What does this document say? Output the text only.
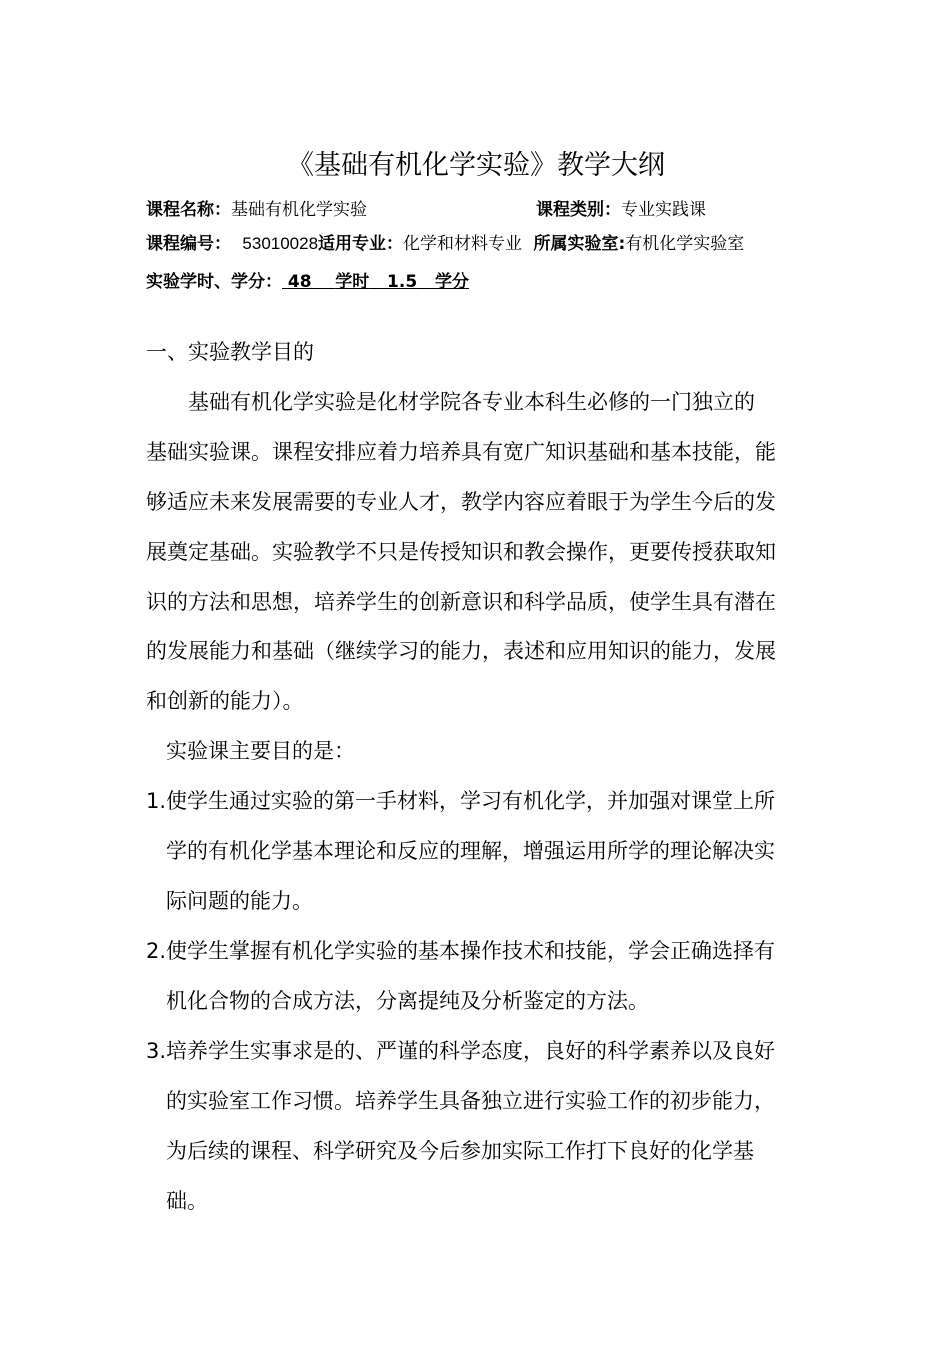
《基础有机化学实验》教学大纲
课程名称：基础有机化学实验	课程类别：专业实践课
课程编号： 53010028适用专业：化学和材料专业 所属实验室:有机化学实验室
实验学时、学分： 48 学时 1.5 学分
一、实验教学目的
基础有机化学实验是化材学院各专业本科生必修的一门独立的
基础实验课。课程安排应着力培养具有宽广知识基础和基本技能，能
够适应未来发展需要的专业人才，教学内容应着眼于为学生今后的发
展奠定基础。实验教学不只是传授知识和教会操作，更要传授获取知
识的方法和思想，培养学生的创新意识和科学品质，使学生具有潜在
的发展能力和基础（继续学习的能力，表述和应用知识的能力，发展
和创新的能力）。
实验课主要目的是：
1.使学生通过实验的第一手材料，学习有机化学，并加强对课堂上所
学的有机化学基本理论和反应的理解，增强运用所学的理论解决实
际问题的能力。
2.使学生掌握有机化学实验的基本操作技术和技能，学会正确选择有
机化合物的合成方法，分离提纯及分析鉴定的方法。
3.培养学生实事求是的、严谨的科学态度，良好的科学素养以及良好
的实验室工作习惯。培养学生具备独立进行实验工作的初步能力，
为后续的课程、科学研究及今后参加实际工作打下良好的化学基
础。
